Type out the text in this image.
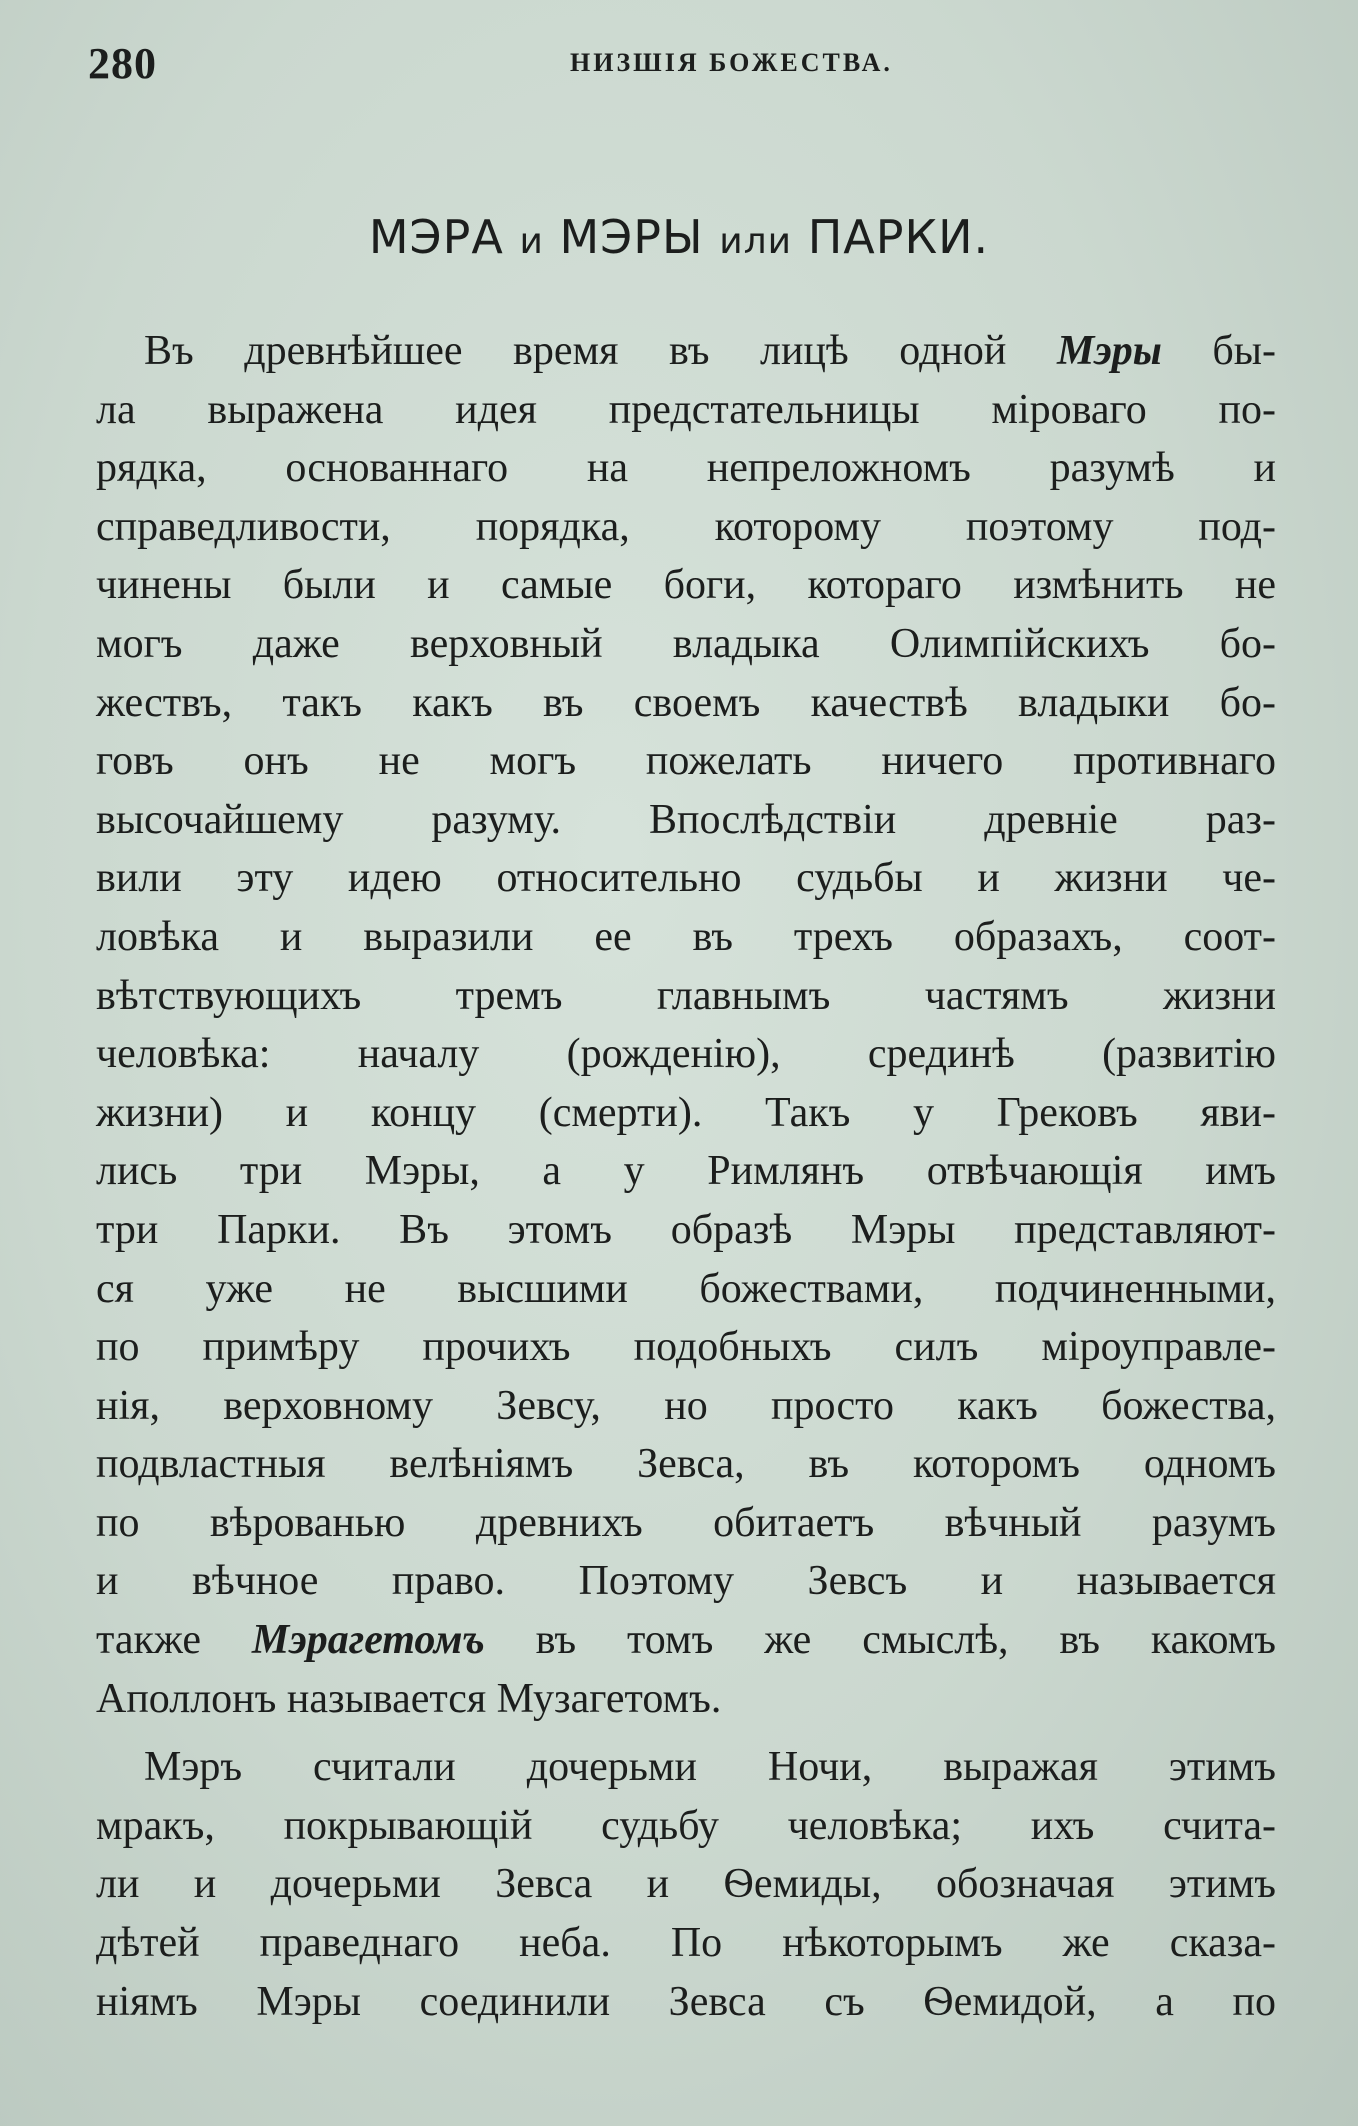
280	НИЗШІЯ БОЖЕСТВА.
МЭРА и МЭРЫ или ПАРКИ.
Въ древнѣйшее время въ лицѣ одной Мэры бы-
ла выражена идея предстательницы міроваго по-
рядка, основаннаго на непреложномъ разумѣ и
справедливости, порядка, которому поэтому под-
чинены были и самые боги, котораго измѣнить не
могъ даже верховный владыка Олимпійскихъ бо-
жествъ, такъ какъ въ своемъ качествѣ владыки бо-
говъ онъ не могъ пожелать ничего противнаго
высочайшему разуму. Впослѣдствіи древніе раз-
вили эту идею относительно судьбы и жизни че-
ловѣка и выразили ее въ трехъ образахъ, соот-
вѣтствующихъ тремъ главнымъ частямъ жизни
человѣка: началу (рожденію), срединѣ (развитію
жизни) и концу (смерти). Такъ у Грековъ яви-
лись три Мэры, а у Римлянъ отвѣчающія имъ
три Парки. Въ этомъ образѣ Мэры представляют-
ся уже не высшими божествами, подчиненными,
по примѣру прочихъ подобныхъ силъ міроуправле-
нія, верховному Зевсу, но просто какъ божества,
подвластныя велѣніямъ Зевса, въ которомъ одномъ
по вѣрованью древнихъ обитаетъ вѣчный разумъ
и вѣчное право. Поэтому Зевсъ и называется
также Мэрагетомъ въ томъ же смыслѣ, въ какомъ
Аполлонъ называется Музагетомъ.
Мэръ считали дочерьми Ночи, выражая этимъ
мракъ, покрывающій судьбу человѣка; ихъ счита-
ли и дочерьми Зевса и Ѳемиды, обозначая этимъ
дѣтей праведнаго неба. По нѣкоторымъ же сказа-
ніямъ Мэры соединили Зевса съ Ѳемидой, а по
